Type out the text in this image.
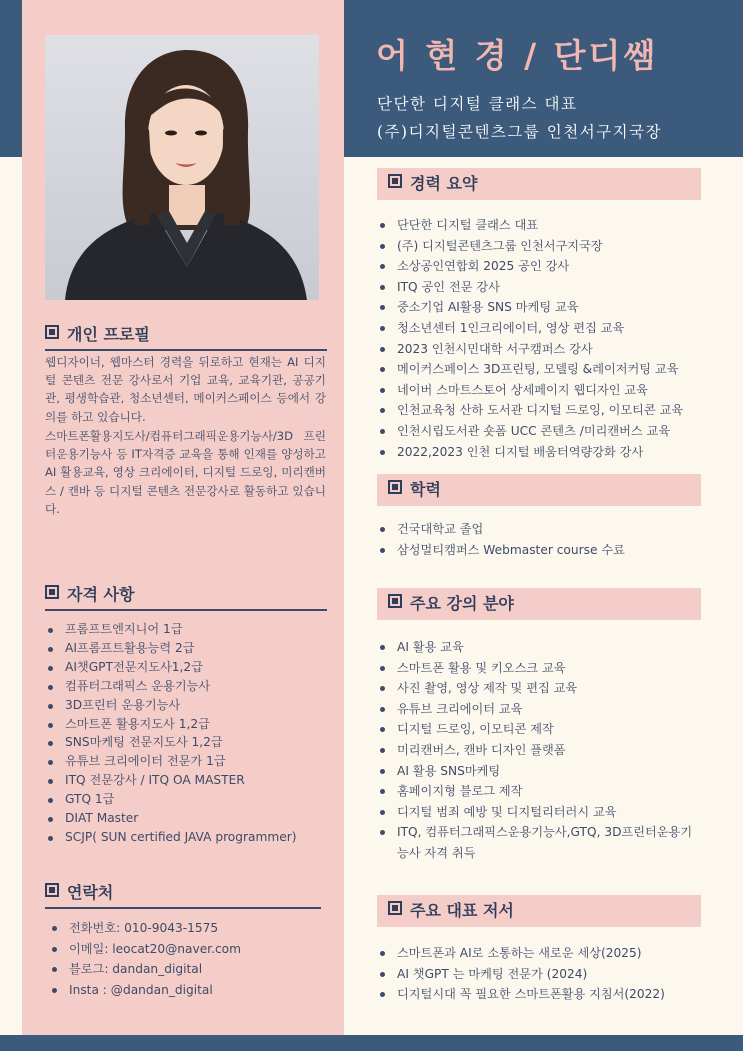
어 현 경 / 단디쌤
단단한 디지털 클래스 대표
(주)디지털콘텐츠그룹 인천서구지국장
개인 프로필
웹디자이너, 웹마스터 경력을 뒤로하고 현재는 AI 디지털 콘텐츠 전문 강사로서 기업 교육, 교육기관, 공공기관, 평생학습관, 청소년센터, 메이커스페이스 등에서 강의를 하고 있습니다.
스마트폰활용지도사/컴퓨터그래픽운용기능사/3D 프린터운용기능사 등 IT자격증 교육을 통해 인재를 양성하고 AI 활용교육, 영상 크리에이터, 디지털 드로잉, 미리캔버스 / 캔바 등 디지털 콘텐츠 전문강사로 활동하고 있습니다.
자격 사항
프롬프트엔지니어 1급
AI프롬프트활용능력 2급
AI챗GPT전문지도사1,2급
컴퓨터그래픽스 운용기능사
3D프린터 운용기능사
스마트폰 활용지도사 1,2급
SNS마케팅 전문지도사 1,2급
유튜브 크리에이터 전문가 1급
ITQ 전문강사 / ITQ OA MASTER
GTQ 1급
DIAT Master
SCJP( SUN certified JAVA programmer)
연락처
전화번호: 010-9043-1575
이메일: leocat20@naver.com
블로그: dandan_digital
Insta : @dandan_digital
경력 요약
단단한 디지털 클래스 대표
(주) 디지털콘텐츠그룹 인천서구지국장
소상공인연합회 2025 공인 강사
ITQ 공인 전문 강사
중소기업 AI활용 SNS 마케팅 교육
청소년센터 1인크리에이터, 영상 편집 교육
2023 인천시민대학 서구캠퍼스 강사
메이커스페이스 3D프린팅, 모델링 &레이저커팅 교육
네이버 스마트스토어 상세페이지 웹디자인 교육
인천교육청 산하 도서관 디지털 드로잉, 이모티콘 교육
인천시립도서관 숏폼 UCC 콘텐츠 /미리캔버스 교육
2022,2023 인천 디지털 배움터역량강화 강사
학력
건국대학교 졸업
삼성멀티캠퍼스 Webmaster course 수료
주요 강의 분야
AI 활용 교육
스마트폰 활용 및 키오스크 교육
사진 촬영, 영상 제작 및 편집 교육
유튜브 크리에이터 교육
디지털 드로잉, 이모티콘 제작
미리캔버스, 캔바 디자인 플랫폼
AI 활용 SNS마케팅
홈페이지형 블로그 제작
디지털 범죄 예방 및 디지털리터러시 교육
ITQ, 컴퓨터그래픽스운용기능사,GTQ, 3D프린터운용기능사 자격 취득
주요 대표 저서
스마트폰과 AI로 소통하는 새로운 세상(2025)
AI 챗GPT 는 마케팅 전문가 (2024)
디지털시대 꼭 필요한 스마트폰활용 지침서(2022)
